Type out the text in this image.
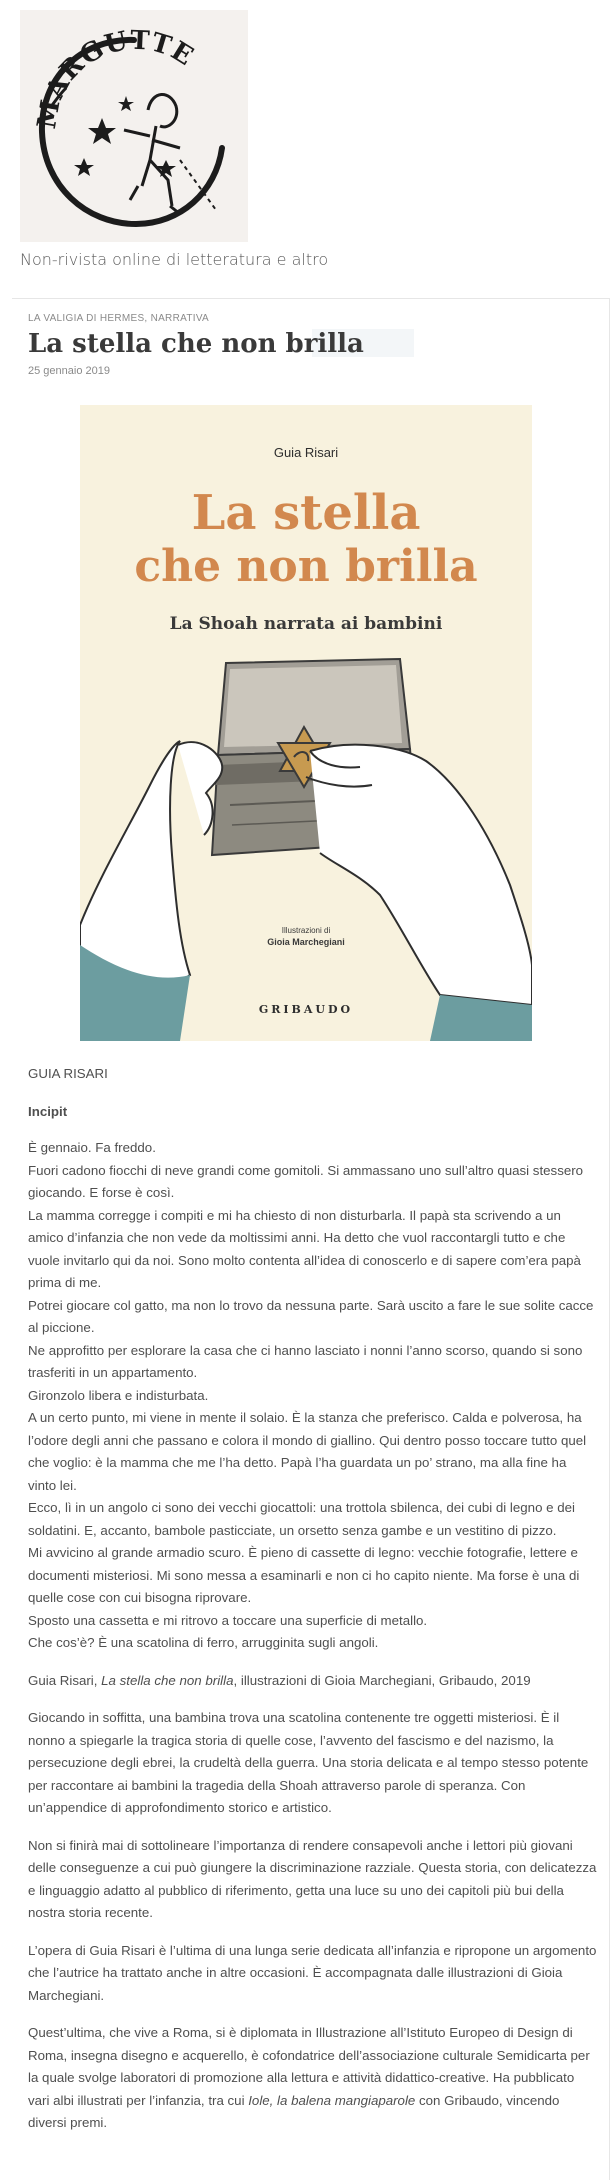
MARGUTTE
Non-rivista online di letteratura e altro
LA VALIGIA DI HERMES, NARRATIVA
La stella che non brilla
25 gennaio 2019
Guia Risari
La stella
che non brilla
La Shoah narrata ai bambini
Illustrazioni di
Gioia Marchegiani
GRIBAUDO

GUIA RISARI

Incipit

È gennaio. Fa freddo.

Fuori cadono fiocchi di neve grandi come gomitoli. Si ammassano uno sull’altro quasi stessero giocando. E forse è così.

La mamma corregge i compiti e mi ha chiesto di non disturbarla. Il papà sta scrivendo a un amico d’infanzia che non vede da moltissimi anni. Ha detto che vuol raccontargli tutto e che vuole invitarlo qui da noi. Sono molto contenta all’idea di conoscerlo e di sapere com’era papà prima di me.

Potrei giocare col gatto, ma non lo trovo da nessuna parte. Sarà uscito a fare le sue solite cacce al piccione.

Ne approfitto per esplorare la casa che ci hanno lasciato i nonni l’anno scorso, quando si sono trasferiti in un appartamento.

Gironzolo libera e indisturbata.

A un certo punto, mi viene in mente il solaio. È la stanza che preferisco. Calda e polverosa, ha l’odore degli anni che passano e colora il mondo di giallino. Qui dentro posso toccare tutto quel che voglio: è la mamma che me l’ha detto. Papà l’ha guardata un po’ strano, ma alla fine ha vinto lei.

Ecco, lì in un angolo ci sono dei vecchi giocattoli: una trottola sbilenca, dei cubi di legno e dei soldatini. E, accanto, bambole pasticciate, un orsetto senza gambe e un vestitino di pizzo.

Mi avvicino al grande armadio scuro. È pieno di cassette di legno: vecchie fotografie, lettere e documenti misteriosi. Mi sono messa a esaminarli e non ci ho capito niente. Ma forse è una di quelle cose con cui bisogna riprovare.

Sposto una cassetta e mi ritrovo a toccare una superficie di metallo.

Che cos’è? È una scatolina di ferro, arrugginita sugli angoli.

Guia Risari, La stella che non brilla, illustrazioni di Gioia Marchegiani, Gribaudo, 2019

Giocando in soffitta, una bambina trova una scatolina contenente tre oggetti misteriosi. È il nonno a spiegarle la tragica storia di quelle cose, l’avvento del fascismo e del nazismo, la persecuzione degli ebrei, la crudeltà della guerra. Una storia delicata e al tempo stesso potente per raccontare ai bambini la tragedia della Shoah attraverso parole di speranza. Con un’appendice di approfondimento storico e artistico.

Non si finirà mai di sottolineare l’importanza di rendere consapevoli anche i lettori più giovani delle conseguenze a cui può giungere la discriminazione razziale. Questa storia, con delicatezza e linguaggio adatto al pubblico di riferimento, getta una luce su uno dei capitoli più bui della nostra storia recente.

L’opera di Guia Risari è l’ultima di una lunga serie dedicata all’infanzia e ripropone un argomento che l’autrice ha trattato anche in altre occasioni. È accompagnata dalle illustrazioni di Gioia Marchegiani.

Quest’ultima, che vive a Roma, si è diplomata in Illustrazione all’Istituto Europeo di Design di Roma, insegna disegno e acquerello, è cofondatrice dell’associazione culturale Semidicarta per la quale svolge laboratori di promozione alla lettura e attività didattico-creative. Ha pubblicato vari albi illustrati per l’infanzia, tra cui Iole, la balena mangiaparole con Gribaudo, vincendo diversi premi.
